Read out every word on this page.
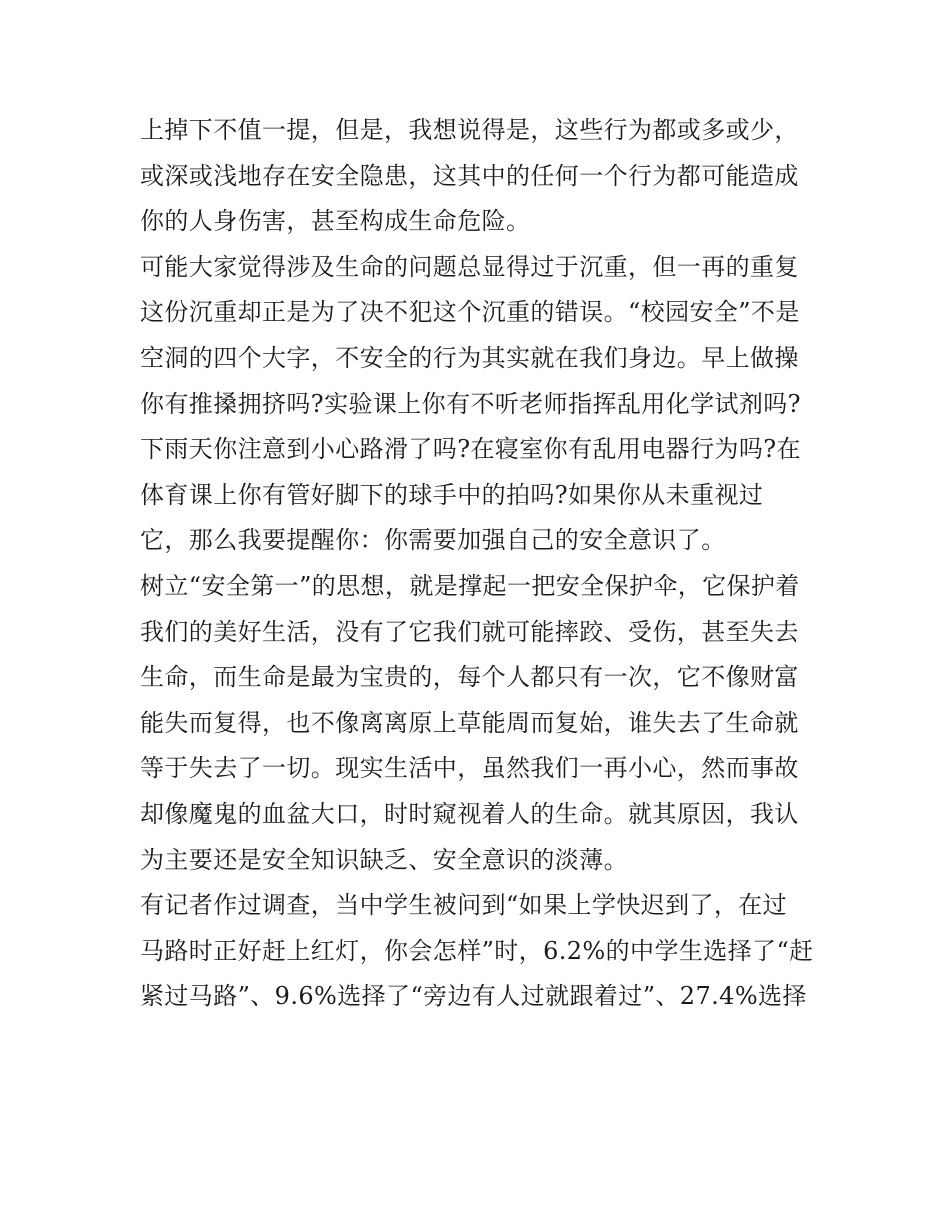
上掉下不值一提，但是，我想说得是，这些行为都或多或少，
或深或浅地存在安全隐患，这其中的任何一个行为都可能造成
你的人身伤害，甚至构成生命危险。
可能大家觉得涉及生命的问题总显得过于沉重，但一再的重复
这份沉重却正是为了决不犯这个沉重的错误。“校园安全”不是
空洞的四个大字，不安全的行为其实就在我们身边。早上做操
你有推搡拥挤吗?实验课上你有不听老师指挥乱用化学试剂吗?
下雨天你注意到小心路滑了吗?在寝室你有乱用电器行为吗?在
体育课上你有管好脚下的球手中的拍吗?如果你从未重视过
它，那么我要提醒你：你需要加强自己的安全意识了。
树立“安全第一”的思想，就是撑起一把安全保护伞，它保护着
我们的美好生活，没有了它我们就可能摔跤、受伤，甚至失去
生命，而生命是最为宝贵的，每个人都只有一次，它不像财富
能失而复得，也不像离离原上草能周而复始，谁失去了生命就
等于失去了一切。现实生活中，虽然我们一再小心，然而事故
却像魔鬼的血盆大口，时时窥视着人的生命。就其原因，我认
为主要还是安全知识缺乏、安全意识的淡薄。
有记者作过调查，当中学生被问到“如果上学快迟到了，在过
马路时正好赶上红灯，你会怎样”时，6.2%的中学生选择了“赶
紧过马路”、9.6%选择了“旁边有人过就跟着过”、27.4%选择
